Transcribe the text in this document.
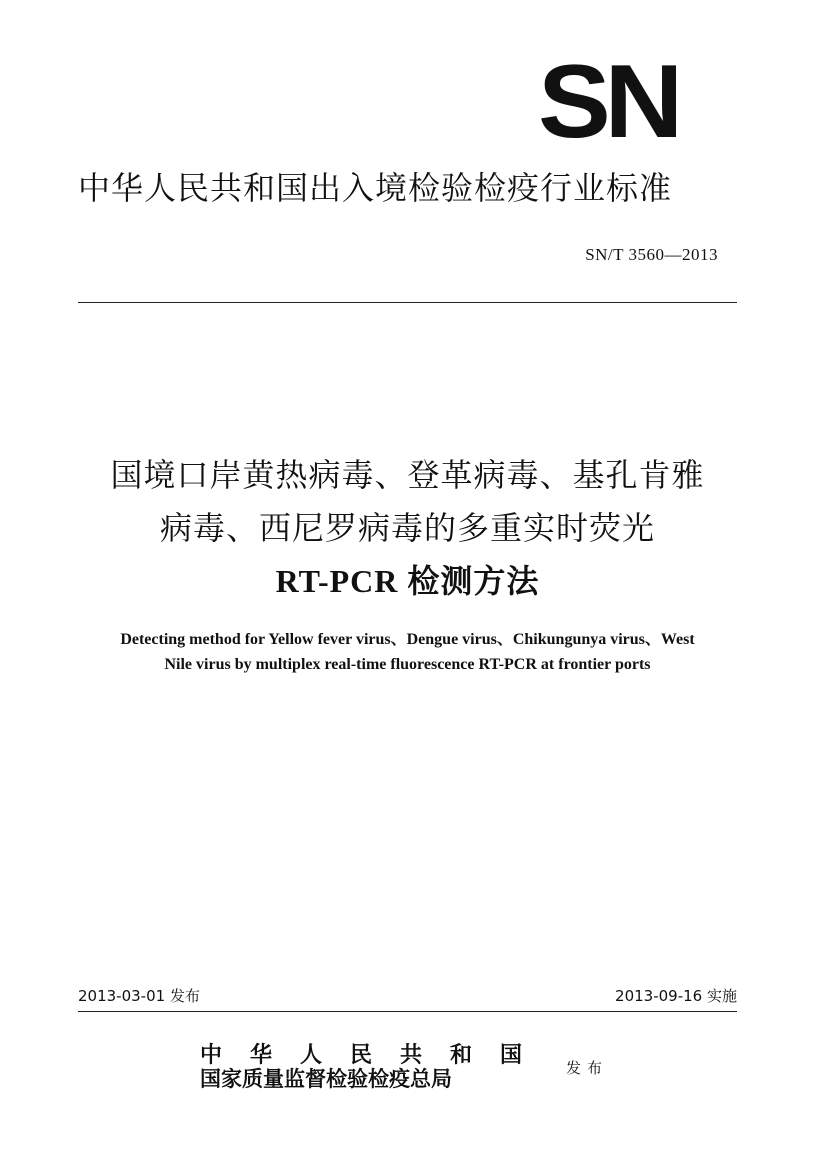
SN
中华人民共和国出入境检验检疫行业标准
SN/T 3560—2013
国境口岸黄热病毒、登革病毒、基孔肯雅
病毒、西尼罗病毒的多重实时荧光
RT-PCR 检测方法
Detecting method for Yellow fever virus、Dengue virus、Chikungunya virus、West
Nile virus by multiplex real-time fluorescence RT-PCR at frontier ports
2013-03-01 发布	2013-09-16 实施
中华人民共和国
国家质量监督检验检疫总局	发布
